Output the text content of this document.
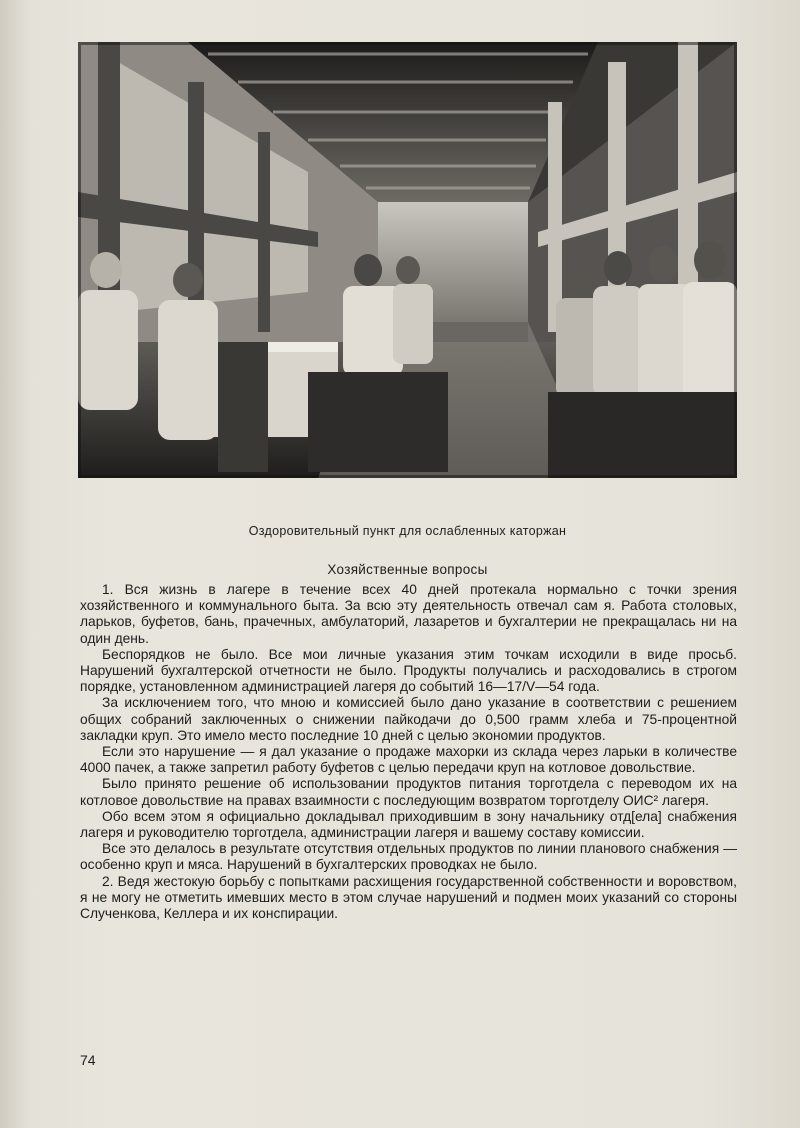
Оздоровительный пункт для ослабленных каторжан
Хозяйственные вопросы

1. Вся жизнь в лагере в течение всех 40 дней протекала нормально с точки зрения хозяйственного и коммунального быта. За всю эту деятельность отвечал сам я. Работа столовых, ларьков, буфетов, бань, прачечных, амбулаторий, лазаретов и бухгалтерии не прекращалась ни на один день.

Беспорядков не было. Все мои личные указания этим точкам исходили в виде просьб. Нарушений бухгалтерской отчетности не было. Продукты получались и расходовались в строгом порядке, установленном администрацией лагеря до событий 16—17/V—54 года.

За исключением того, что мною и комиссией было дано указание в соответствии с решением общих собраний заключенных о снижении пайкодачи до 0,500 грамм хлеба и 75-процентной закладки круп. Это имело место последние 10 дней с целью экономии продуктов.

Если это нарушение — я дал указание о продаже махорки из склада через ларьки в количестве 4000 пачек, а также запретил работу буфетов с целью передачи круп на котловое довольствие.

Было принято решение об использовании продуктов питания торготдела с переводом их на котловое довольствие на правах взаимности с последующим возвратом торготделу ОИС² лагеря.

Обо всем этом я официально докладывал приходившим в зону начальнику отд[ела] снабжения лагеря и руководителю торготдела, администрации лагеря и вашему составу комиссии.

Все это делалось в результате отсутствия отдельных продуктов по линии планового снабжения — особенно круп и мяса. Нарушений в бухгалтерских проводках не было.

2. Ведя жестокую борьбу с попытками расхищения государственной собственности и воровством, я не могу не отметить имевших место в этом случае нарушений и подмен моих указаний со стороны Слученкова, Келлера и их конспирации.

74
